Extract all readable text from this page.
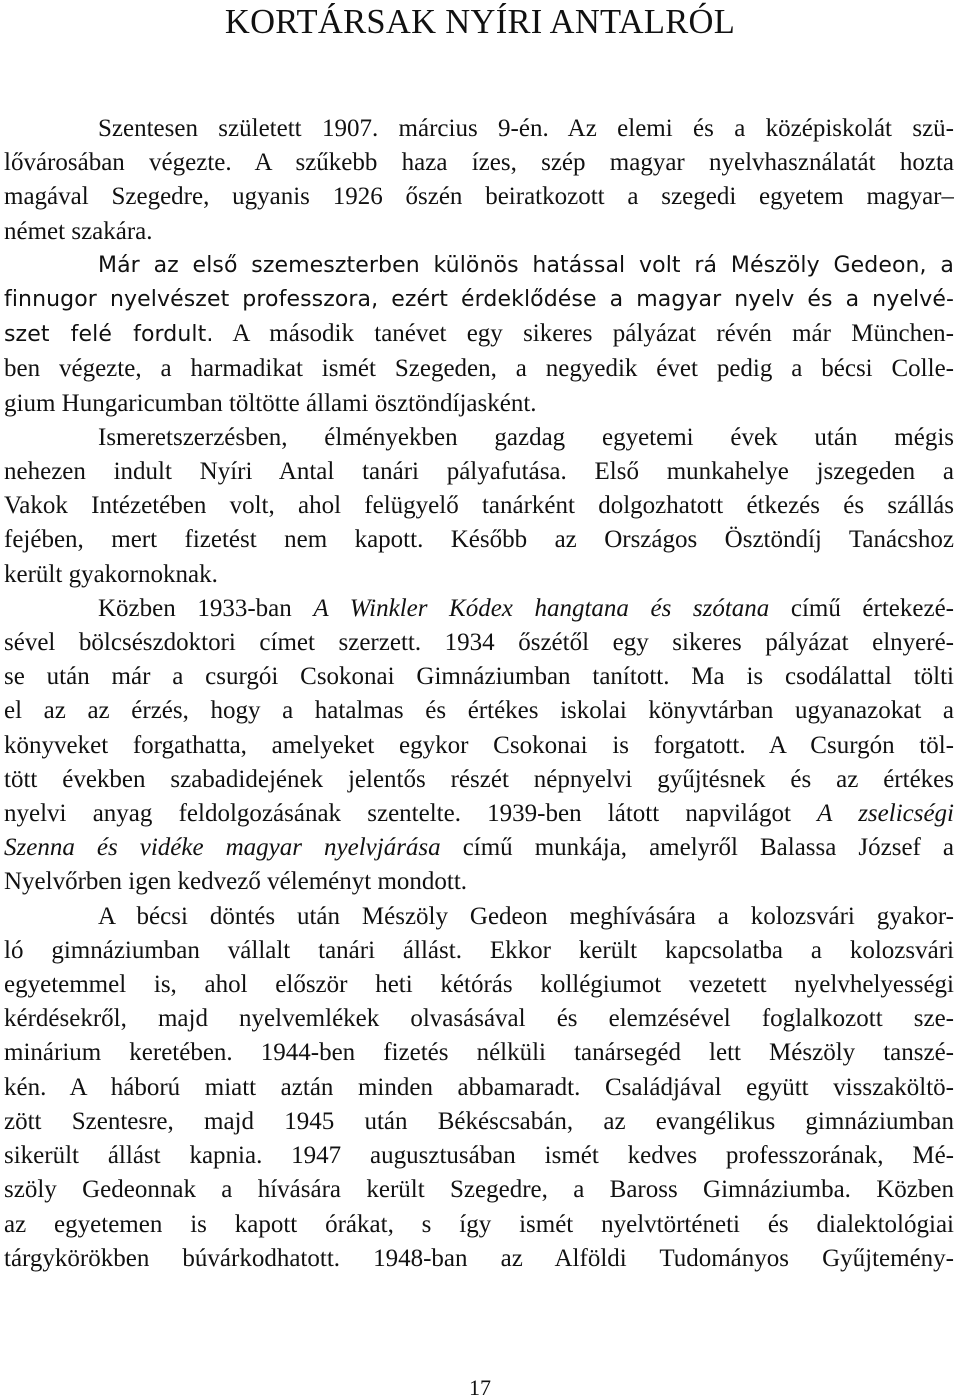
KORTÁRSAK NYÍRI ANTALRÓL

Szentesen született 1907. március 9-én. Az elemi és a középiskolát szü-
lővárosában végezte. A szűkebb haza ízes, szép magyar nyelvhasználatát hozta
magával Szegedre, ugyanis 1926 őszén beiratkozott a szegedi egyetem magyar–
német szakára.

Már az első szemeszterben különös hatással volt rá Mészöly Gedeon, a
finnugor nyelvészet professzora, ezért érdeklődése a magyar nyelv és a nyelvé-
szet felé fordult. A második tanévet egy sikeres pályázat révén már München-
ben végezte, a harmadikat ismét Szegeden, a negyedik évet pedig a bécsi Colle-
gium Hungaricumban töltötte állami ösztöndíjasként.

Ismeretszerzésben, élményekben gazdag egyetemi évek után mégis
nehezen indult Nyíri Antal tanári pályafutása. Első munkahelye jszegeden a
Vakok Intézetében volt, ahol felügyelő tanárként dolgozhatott étkezés és szállás
fejében, mert fizetést nem kapott. Később az Országos Ösztöndíj Tanácshoz
került gyakornoknak.

Közben 1933-ban A Winkler Kódex hangtana és szótana című értekezé-
sével bölcsészdoktori címet szerzett. 1934 őszétől egy sikeres pályázat elnyeré-
se után már a csurgói Csokonai Gimnáziumban tanított. Ma is csodálattal tölti
el az az érzés, hogy a hatalmas és értékes iskolai könyvtárban ugyanazokat a
könyveket forgathatta, amelyeket egykor Csokonai is forgatott. A Csurgón töl-
tött években szabadidejének jelentős részét népnyelvi gyűjtésnek és az értékes
nyelvi anyag feldolgozásának szentelte. 1939-ben látott napvilágot A zselicségi
Szenna és vidéke magyar nyelvjárása című munkája, amelyről Balassa József a
Nyelvőrben igen kedvező véleményt mondott.

A bécsi döntés után Mészöly Gedeon meghívására a kolozsvári gyakor-
ló gimnáziumban vállalt tanári állást. Ekkor került kapcsolatba a kolozsvári
egyetemmel is, ahol először heti kétórás kollégiumot vezetett nyelvhelyességi
kérdésekről, majd nyelvemlékek olvasásával és elemzésével foglalkozott sze-
minárium keretében. 1944-ben fizetés nélküli tanársegéd lett Mészöly tanszé-
kén. A háború miatt aztán minden abbamaradt. Családjával együtt visszaköltö-
zött Szentesre, majd 1945 után Békéscsabán, az evangélikus gimnáziumban
sikerült állást kapnia. 1947 augusztusában ismét kedves professzorának, Mé-
szöly Gedeonnak a hívására került Szegedre, a Baross Gimnáziumba. Közben
az egyetemen is kapott órákat, s így ismét nyelvtörténeti és dialektológiai
tárgykörökben búvárkodhatott. 1948-ban az Alföldi Tudományos Gyűjtemény-

17
